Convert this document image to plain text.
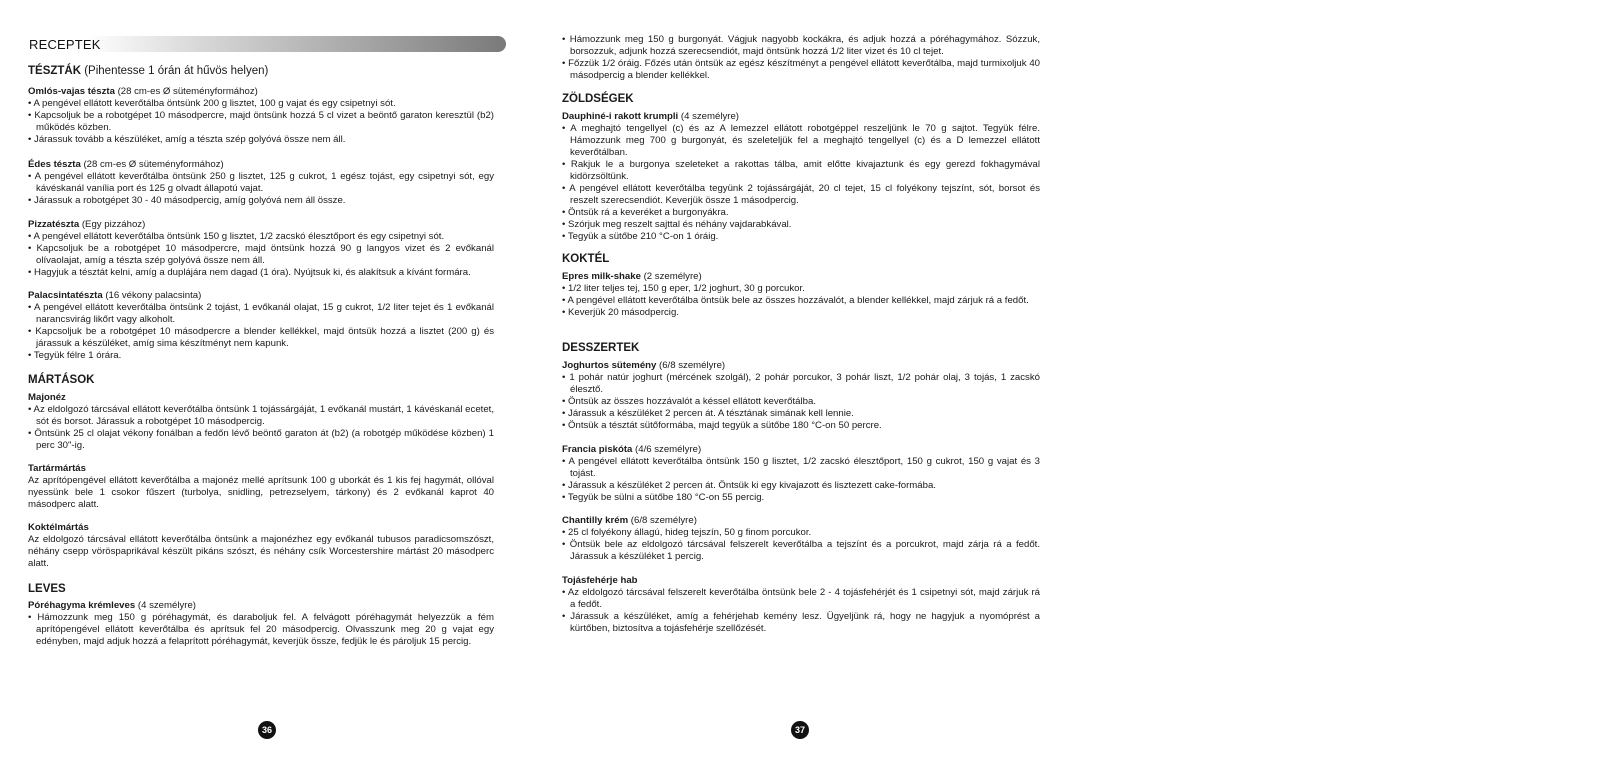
RECEPTEK

TÉSZTÁK (Pihentesse 1 órán át hűvös helyen)

Omlós-vajas tészta (28 cm-es Ø süteményformához)

• A pengével ellátott keverőtálba öntsünk 200 g lisztet, 100 g vajat és egy csipetnyi sót.

• Kapcsoljuk be a robotgépet 10 másodpercre, majd öntsünk hozzá 5 cl vizet a beöntő garaton keresztül (b2) működés közben.

• Járassuk tovább a készüléket, amíg a tészta szép golyóvá össze nem áll.

Édes tészta (28 cm-es Ø süteményformához)

• A pengével ellátott keverőtálba öntsünk 250 g lisztet, 125 g cukrot, 1 egész tojást, egy csipetnyi sót, egy kávéskanál vanília port és 125 g olvadt állapotú vajat.

• Járassuk a robotgépet 30 - 40 másodpercig, amíg golyóvá nem áll össze.

Pizzatészta (Egy pizzához)

• A pengével ellátott keverőtálba öntsünk 150 g lisztet, 1/2 zacskó élesztőport és egy csipetnyi sót.

• Kapcsoljuk be a robotgépet 10 másodpercre, majd öntsünk hozzá 90 g langyos vizet és 2 evőkanál olívaolajat, amíg a tészta szép golyóvá össze nem áll.

• Hagyjuk a tésztát kelni, amíg a duplájára nem dagad (1 óra). Nyújtsuk ki, és alakítsuk a kívánt formára.

Palacsintatészta (16 vékony palacsinta)

• A pengével ellátott keverőtálba öntsünk 2 tojást, 1 evőkanál olajat, 15 g cukrot, 1/2 liter tejet és 1 evőkanál narancsvirág likőrt vagy alkoholt.

• Kapcsoljuk be a robotgépet 10 másodpercre a blender kellékkel, majd öntsük hozzá a lisztet (200 g) és járassuk a készüléket, amíg sima készítményt nem kapunk.

• Tegyük félre 1 órára.

MÁRTÁSOK

Majonéz

• Az eldolgozó tárcsával ellátott keverőtálba öntsünk 1 tojássárgáját, 1 evőkanál mustárt, 1 kávéskanál ecetet, sót és borsot. Járassuk a robotgépet 10 másodpercig.

• Öntsünk 25 cl olajat vékony fonálban a fedőn lévő beöntő garaton át (b2) (a robotgép működése közben) 1 perc 30"-ig.

Tartármártás

Az aprítópengével ellátott keverőtálba a majonéz mellé aprítsunk 100 g uborkát és 1 kis fej hagymát, ollóval nyessünk bele 1 csokor fűszert (turbolya, snidling, petrezselyem, tárkony) és 2 evőkanál kaprot 40 másodperc alatt.

Koktélmártás

Az eldolgozó tárcsával ellátott keverőtálba öntsünk a majonézhez egy evőkanál tubusos paradicsomszószt, néhány csepp vöröspaprikával készült pikáns szószt, és néhány csík Worcestershire mártást 20 másodperc alatt.

LEVES

Póréhagyma krémleves (4 személyre)

• Hámozzunk meg 150 g póréhagymát, és daraboljuk fel. A felvágott póréhagymát helyezzük a fém aprítópengével ellátott keverőtálba és aprítsuk fel 20 másodpercig. Olvasszunk meg 20 g vajat egy edényben, majd adjuk hozzá a felaprított póréhagymát, keverjük össze, fedjük le és pároljuk 15 percig.

36

• Hámozzunk meg 150 g burgonyát. Vágjuk nagyobb kockákra, és adjuk hozzá a póréhagymához. Sózzuk, borsozzuk, adjunk hozzá szerecsendiót, majd öntsünk hozzá 1/2 liter vizet és 10 cl tejet.

• Főzzük 1/2 óráig. Főzés után öntsük az egész készítményt a pengével ellátott keverőtálba, majd turmixoljuk 40 másodpercig a blender kellékkel.

ZÖLDSÉGEK

Dauphiné-i rakott krumpli (4 személyre)

• A meghajtó tengellyel (c) és az A lemezzel ellátott robotgéppel reszeljünk le 70 g sajtot. Tegyük félre. Hámozzunk meg 700 g burgonyát, és szeleteljük fel a meghajtó tengellyel (c) és a D lemezzel ellátott keverőtálban.

• Rakjuk le a burgonya szeleteket a rakottas tálba, amit előtte kivajaztunk és egy gerezd fokhagymával kidörzsöltünk.

• A pengével ellátott keverőtálba tegyünk 2 tojássárgáját, 20 cl tejet, 15 cl folyékony tejszínt, sót, borsot és reszelt szerecsendiót. Keverjük össze 1 másodpercig.

• Öntsük rá a keveréket a burgonyákra.

• Szórjuk meg reszelt sajttal és néhány vajdarabkával.

• Tegyük a sütőbe 210 °C-on 1 óráig.

KOKTÉL

Epres milk-shake (2 személyre)

• 1/2 liter teljes tej, 150 g eper, 1/2 joghurt, 30 g porcukor.

• A pengével ellátott keverőtálba öntsük bele az összes hozzávalót, a blender kellékkel, majd zárjuk rá a fedőt.

• Keverjük 20 másodpercig.

DESSZERTEK

Joghurtos sütemény (6/8 személyre)

• 1 pohár natúr joghurt (mércének szolgál), 2 pohár porcukor, 3 pohár liszt, 1/2 pohár olaj, 3 tojás, 1 zacskó élesztő.

• Öntsük az összes hozzávalót a késsel ellátott keverőtálba.

• Járassuk a készüléket 2 percen át. A tésztának simának kell lennie.

• Öntsük a tésztát sütőformába, majd tegyük a sütőbe 180 °C-on 50 percre.

Francia piskóta (4/6 személyre)

• A pengével ellátott keverőtálba öntsünk 150 g lisztet, 1/2 zacskó élesztőport, 150 g cukrot, 150 g vajat és 3 tojást.

• Járassuk a készüléket 2 percen át. Öntsük ki egy kivajazott és lisztezett cake-formába.

• Tegyük be sülni a sütőbe 180 °C-on 55 percig.

Chantilly krém (6/8 személyre)

• 25 cl folyékony állagú, hideg tejszín, 50 g finom porcukor.

• Öntsük bele az eldolgozó tárcsával felszerelt keverőtálba a tejszínt és a porcukrot, majd zárja rá a fedőt. Járassuk a készüléket 1 percig.

Tojásfehérje hab

• Az eldolgozó tárcsával felszerelt keverőtálba öntsünk bele 2 - 4 tojásfehérjét és 1 csipetnyi sót, majd zárjuk rá a fedőt.

• Járassuk a készüléket, amíg a fehérjehab kemény lesz. Ügyeljünk rá, hogy ne hagyjuk a nyomóprést a kürtőben, biztosítva a tojásfehérje szellőzését.

37
